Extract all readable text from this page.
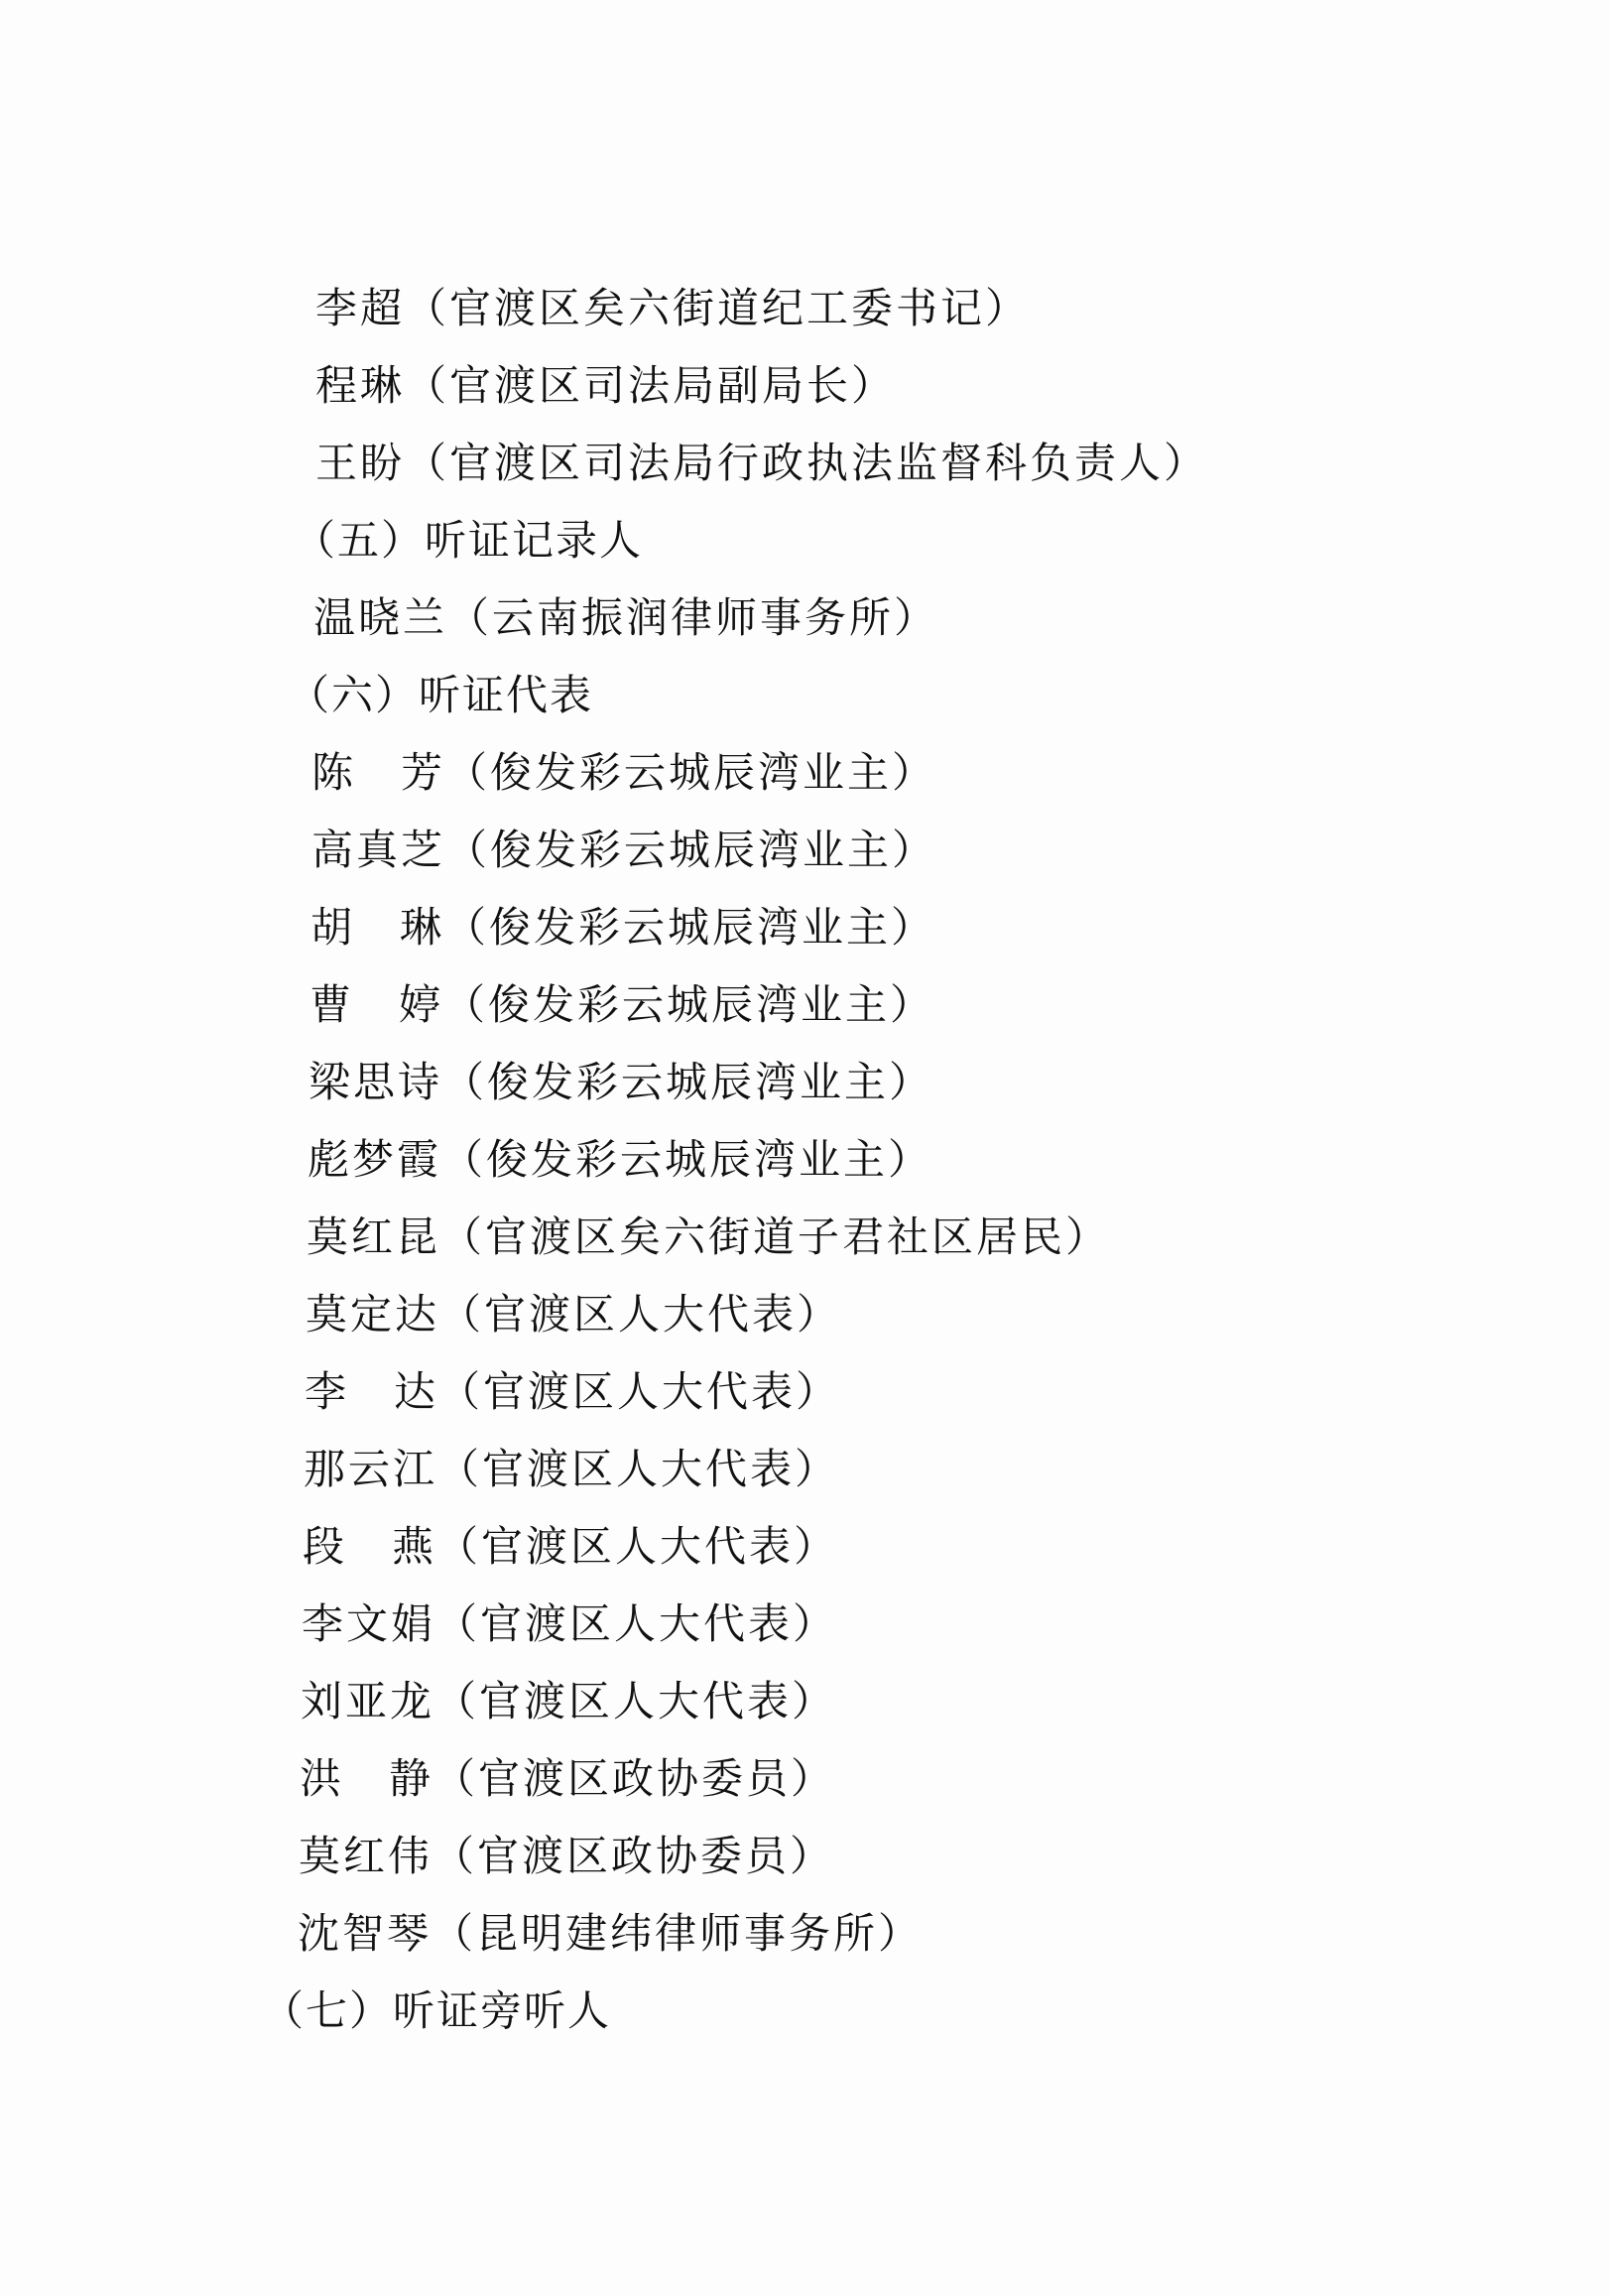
李超（官渡区矣六街道纪工委书记）
程琳（官渡区司法局副局长）
王盼（官渡区司法局行政执法监督科负责人）
（五）听证记录人
温晓兰（云南振润律师事务所）
（六）听证代表
陈　芳（俊发彩云城辰湾业主）
高真芝（俊发彩云城辰湾业主）
胡　琳（俊发彩云城辰湾业主）
曹　婷（俊发彩云城辰湾业主）
梁思诗（俊发彩云城辰湾业主）
彪梦霞（俊发彩云城辰湾业主）
莫红昆（官渡区矣六街道子君社区居民）
莫定达（官渡区人大代表）
李　达（官渡区人大代表）
那云江（官渡区人大代表）
段　燕（官渡区人大代表）
李文娟（官渡区人大代表）
刘亚龙（官渡区人大代表）
洪　静（官渡区政协委员）
莫红伟（官渡区政协委员）
沈智琴（昆明建纬律师事务所）
（七）听证旁听人
